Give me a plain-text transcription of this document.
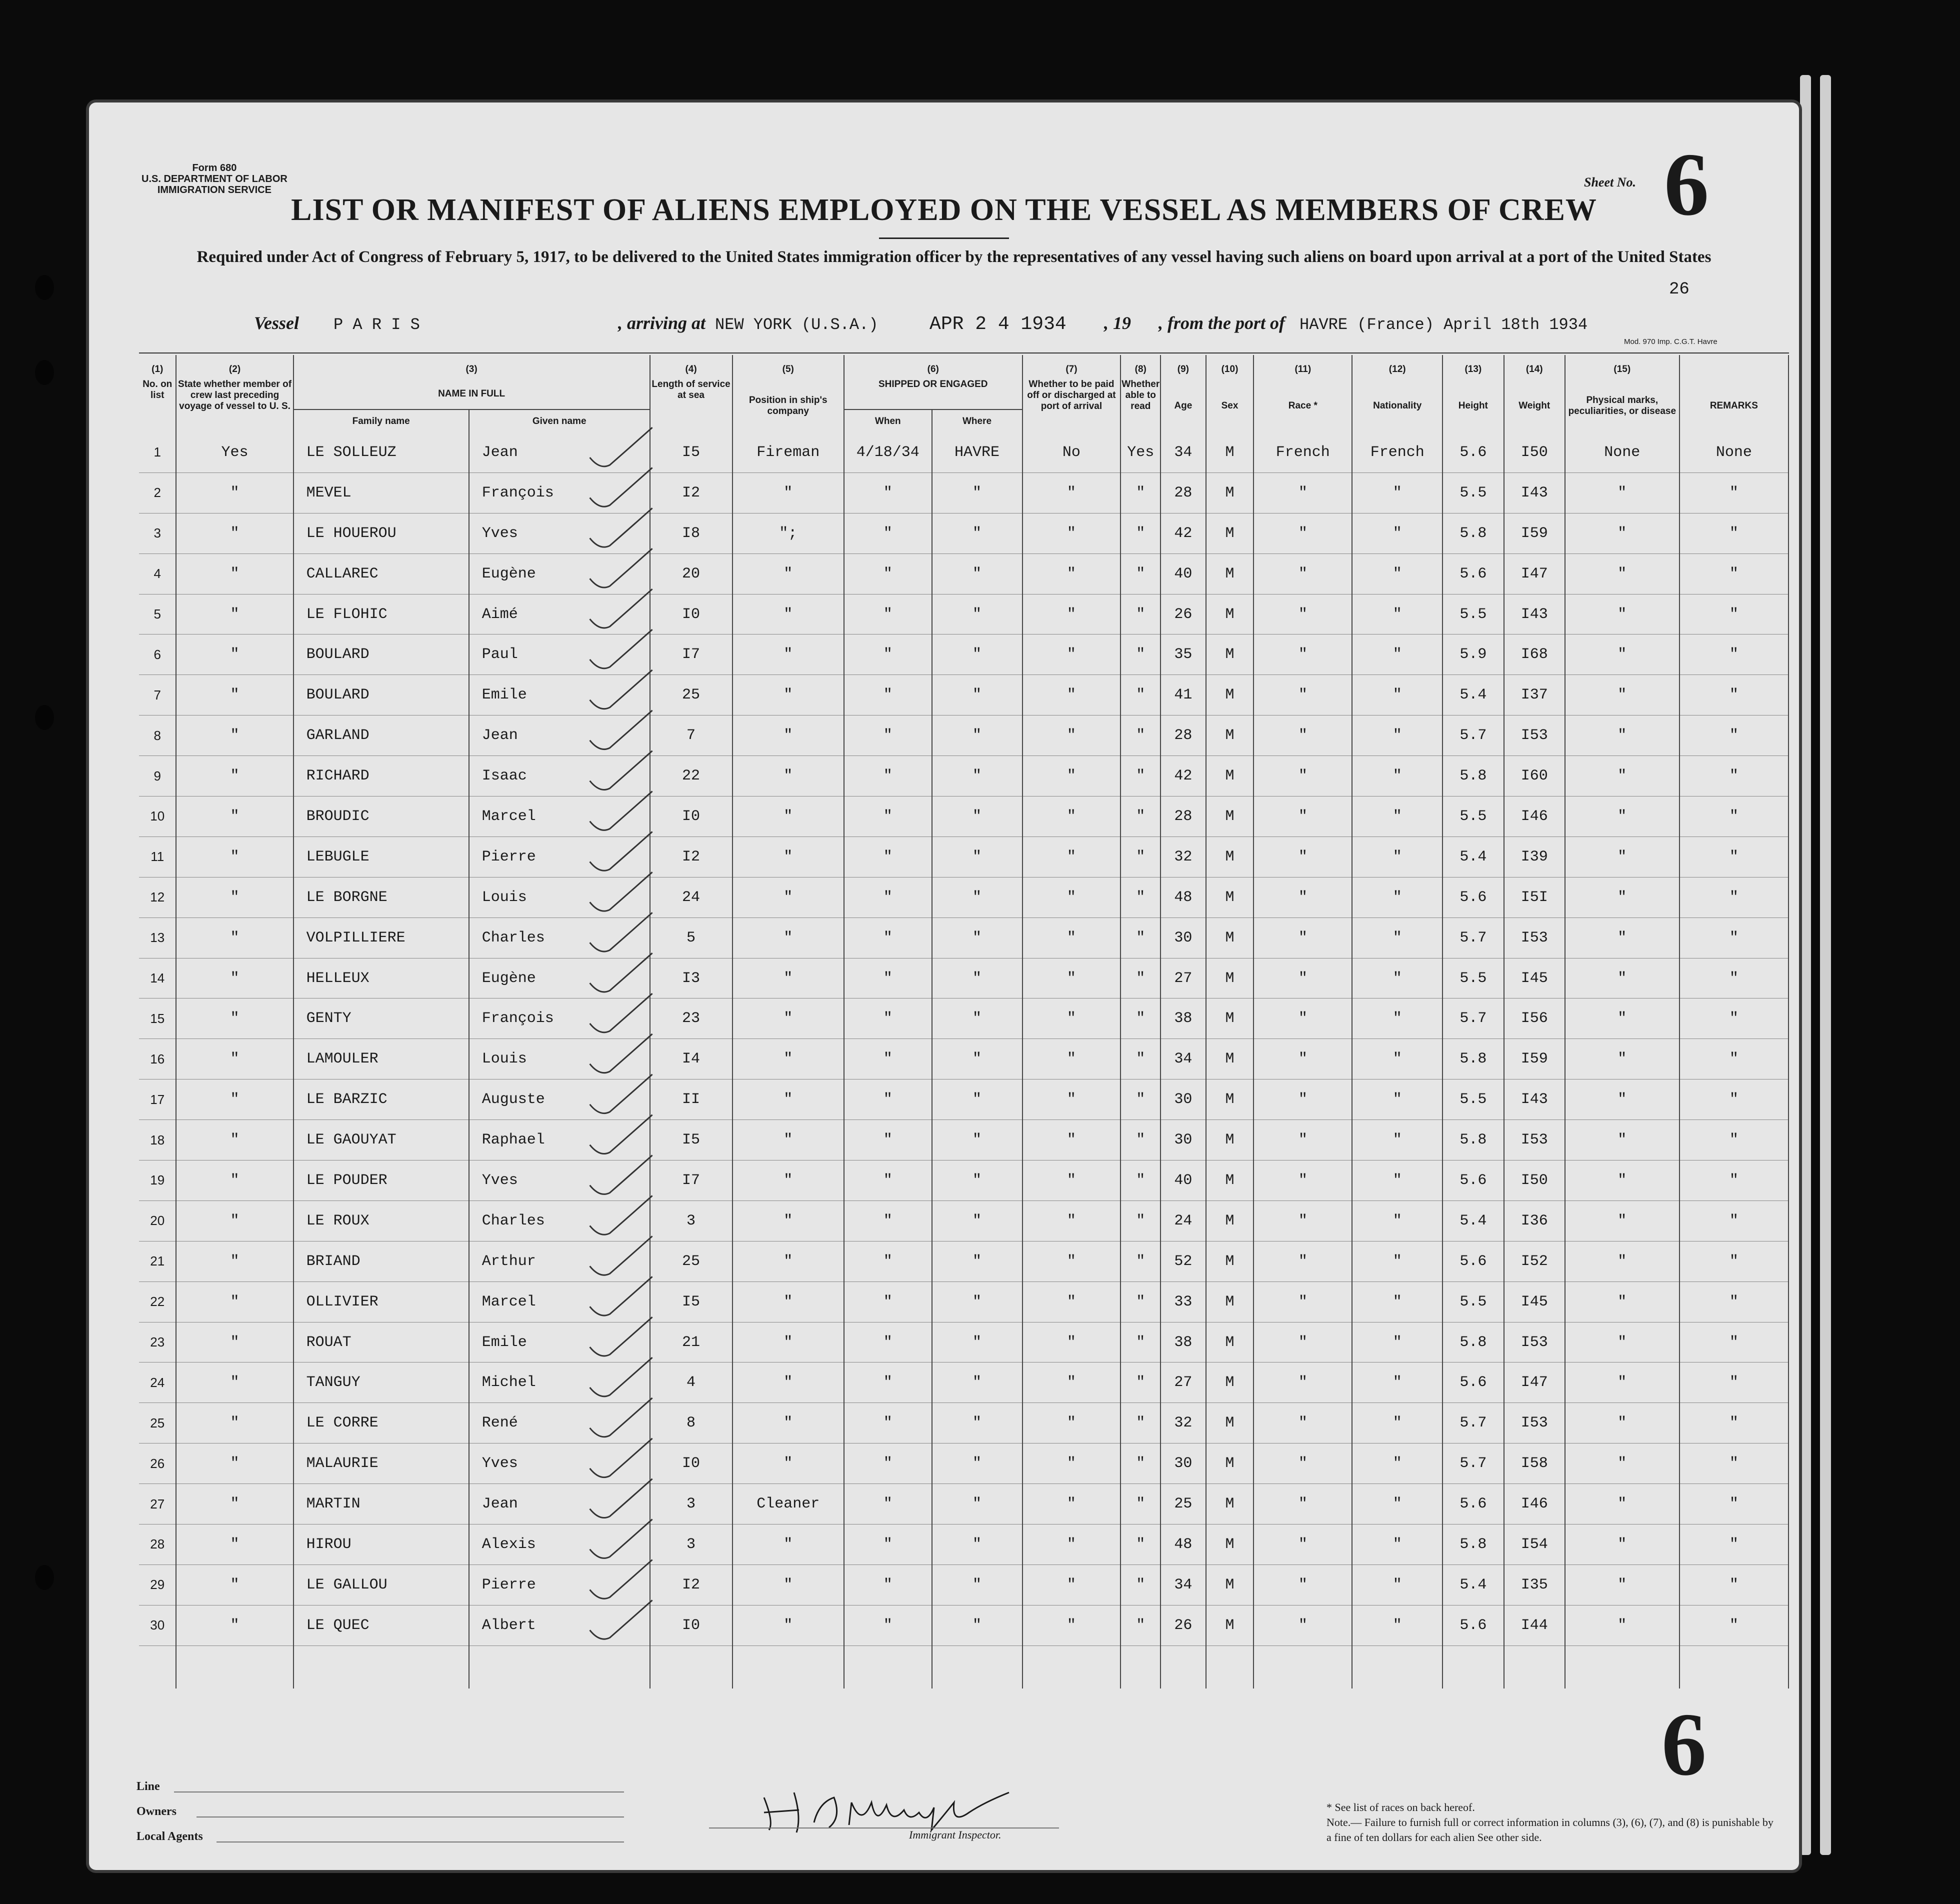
Form 680
U.S. DEPARTMENT OF LABOR
IMMIGRATION SERVICE
Sheet No. 6
LIST OR MANIFEST OF ALIENS EMPLOYED ON THE VESSEL AS MEMBERS OF CREW
Required under Act of Congress of February 5, 1917, to be delivered to the United States immigration officer by the representatives of any vessel having such aliens on board upon arrival at a port of the United States
26
Vessel P A R I S	, arriving at NEW YORK (U.S.A.)	APR 2 4 1934 , 19 , from the port of HAVRE (France) April 18th 1934
Mod. 970 Imp. C.G.T. Havre
(1)	(2)	(3)		(4)	(5)	(6)		(7)	(8)	(9)	(10)	(11)	(12)	(13)	(14)	(15)	
No. on list	State whether member of crew last preceding voyage of vessel to U. S.	NAME IN FULL		Length of service at sea	Position in ship's company	SHIPPED OR ENGAGED		Whether to be paid off or discharged at port of arrival	Whether able to read	Age	Sex	Race *	Nationality	Height	Weight	Physical marks, peculiarities, or disease	REMARKS
		Family name	Given name			When	Where										
1	Yes	LE SOLLEUZ	Jean	I5	Fireman	4/18/34	HAVRE	No	Yes	34	M	French	French	5.6	I50	None	None
2	"	MEVEL	François	I2	"	"	"	"	"	28	M	"	"	5.5	I43	"	"
3	"	LE HOUEROU	Yves	I8	";	"	"	"	"	42	M	"	"	5.8	I59	"	"
4	"	CALLAREC	Eugène	20	"	"	"	"	"	40	M	"	"	5.6	I47	"	"
5	"	LE FLOHIC	Aimé	I0	"	"	"	"	"	26	M	"	"	5.5	I43	"	"
6	"	BOULARD	Paul	I7	"	"	"	"	"	35	M	"	"	5.9	I68	"	"
7	"	BOULARD	Emile	25	"	"	"	"	"	41	M	"	"	5.4	I37	"	"
8	"	GARLAND	Jean	7	"	"	"	"	"	28	M	"	"	5.7	I53	"	"
9	"	RICHARD	Isaac	22	"	"	"	"	"	42	M	"	"	5.8	I60	"	"
10	"	BROUDIC	Marcel	I0	"	"	"	"	"	28	M	"	"	5.5	I46	"	"
11	"	LEBUGLE	Pierre	I2	"	"	"	"	"	32	M	"	"	5.4	I39	"	"
12	"	LE BORGNE	Louis	24	"	"	"	"	"	48	M	"	"	5.6	I5I	"	"
13	"	VOLPILLIERE	Charles	5	"	"	"	"	"	30	M	"	"	5.7	I53	"	"
14	"	HELLEUX	Eugène	I3	"	"	"	"	"	27	M	"	"	5.5	I45	"	"
15	"	GENTY	François	23	"	"	"	"	"	38	M	"	"	5.7	I56	"	"
16	"	LAMOULER	Louis	I4	"	"	"	"	"	34	M	"	"	5.8	I59	"	"
17	"	LE BARZIC	Auguste	II	"	"	"	"	"	30	M	"	"	5.5	I43	"	"
18	"	LE GAOUYAT	Raphael	I5	"	"	"	"	"	30	M	"	"	5.8	I53	"	"
19	"	LE POUDER	Yves	I7	"	"	"	"	"	40	M	"	"	5.6	I50	"	"
20	"	LE ROUX	Charles	3	"	"	"	"	"	24	M	"	"	5.4	I36	"	"
21	"	BRIAND	Arthur	25	"	"	"	"	"	52	M	"	"	5.6	I52	"	"
22	"	OLLIVIER	Marcel	I5	"	"	"	"	"	33	M	"	"	5.5	I45	"	"
23	"	ROUAT	Emile	21	"	"	"	"	"	38	M	"	"	5.8	I53	"	"
24	"	TANGUY	Michel	4	"	"	"	"	"	27	M	"	"	5.6	I47	"	"
25	"	LE CORRE	René	8	"	"	"	"	"	32	M	"	"	5.7	I53	"	"
26	"	MALAURIE	Yves	I0	"	"	"	"	"	30	M	"	"	5.7	I58	"	"
27	"	MARTIN	Jean	3	Cleaner	"	"	"	"	25	M	"	"	5.6	I46	"	"
28	"	HIROU	Alexis	3	"	"	"	"	"	48	M	"	"	5.8	I54	"	"
29	"	LE GALLOU	Pierre	I2	"	"	"	"	"	34	M	"	"	5.4	I35	"	"
30	"	LE QUEC	Albert	I0	"	"	"	"	"	26	M	"	"	5.6	I44	"	"

6
Line
Owners
Local Agents	Immigrant Inspector.
* See list of races on back hereof.
Note.— Failure to furnish full or correct information in columns (3), (6), (7), and (8) is punishable by a fine of ten dollars for each alien See other side.
